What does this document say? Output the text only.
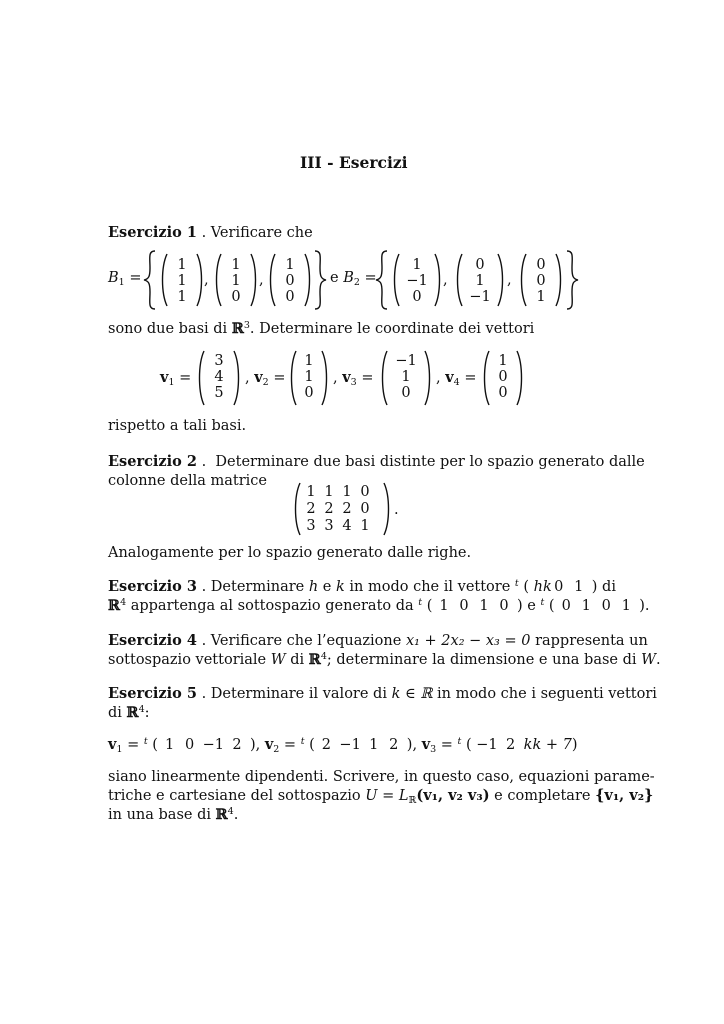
III - Esercizi
Esercizio 1 . Verificare che
$B_1$ =
1
1
1
,
1
1
0
,
1
0
0
e $B_2$ =
1
−1
0
,
0
1
−1
,
0
0
1
sono due basi di ℝ$^3$. Determinare le coordinate dei vettori
$v_1$ =
3
4
5
, $v_2$ =
1
1
0
, $v_3$ =
−1
1
0
, $v_4$ =
1
0
0
rispetto a tali basi.
Esercizio 2 . Determinare due basi distinte per lo spazio generato dalle
colonne della matrice
1 1 1 0
2 2 2 0
3 3 4 1
.
Analogamente per lo spazio generato dalle righe.
Esercizio 3 . Determinare h e k in modo che il vettore $^t$ ( hk 0 1 ) di
ℝ$^4$ appartenga al sottospazio generato da $^t$ ( 1 0 1 0 ) e $^t$ ( 0 1 0 1 ).
Esercizio 4 . Verificare che l’equazione x₁ + 2x₂ − x₃ = 0 rappresenta un
sottospazio vettoriale W di ℝ$^4$; determinare la dimensione e una base di W.
Esercizio 5 . Determinare il valore di k ∈ ℝ in modo che i seguenti vettori
di ℝ$^4$:
$v_1 = ^t$ ( 1 0 −1 2 ), $v_2 = ^t$ ( 2 −1 1 2 ), $v_3 = ^t$ ( −1 2 kk + 7)
siano linearmente dipendenti. Scrivere, in questo caso, equazioni parame-
triche e cartesiane del sottospazio $U = L_ℝ(v_1$, v₂ v₃) e completare {v₁, v₂}
in una base di ℝ$^4$.
